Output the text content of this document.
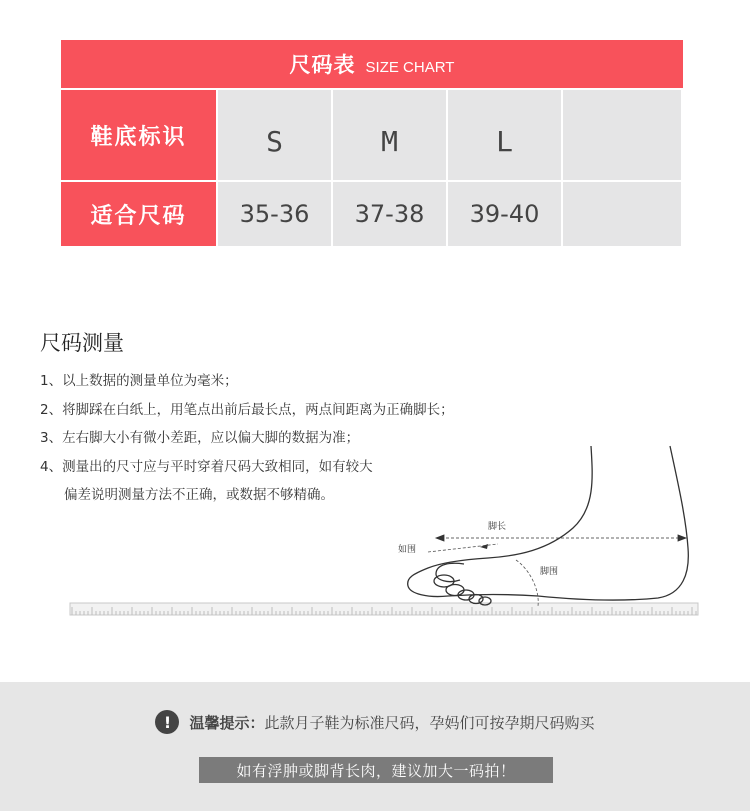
尺码表 SIZE CHART
鞋底标识	S	M	L
适合尺码	35-36	37-38	39-40
尺码测量
1、以上数据的测量单位为毫米；
2、将脚踩在白纸上，用笔点出前后最长点，两点间距离为正确脚长；
3、左右脚大小有微小差距，应以偏大脚的数据为准；
4、测量出的尺寸应与平时穿着尺码大致相同，如有较大
偏差说明测量方法不正确，或数据不够精确。
脚长
如围
脚围
!	温馨提示：此款月子鞋为标准尺码，孕妈们可按孕期尺码购买
如有浮肿或脚背长肉，建议加大一码拍！
